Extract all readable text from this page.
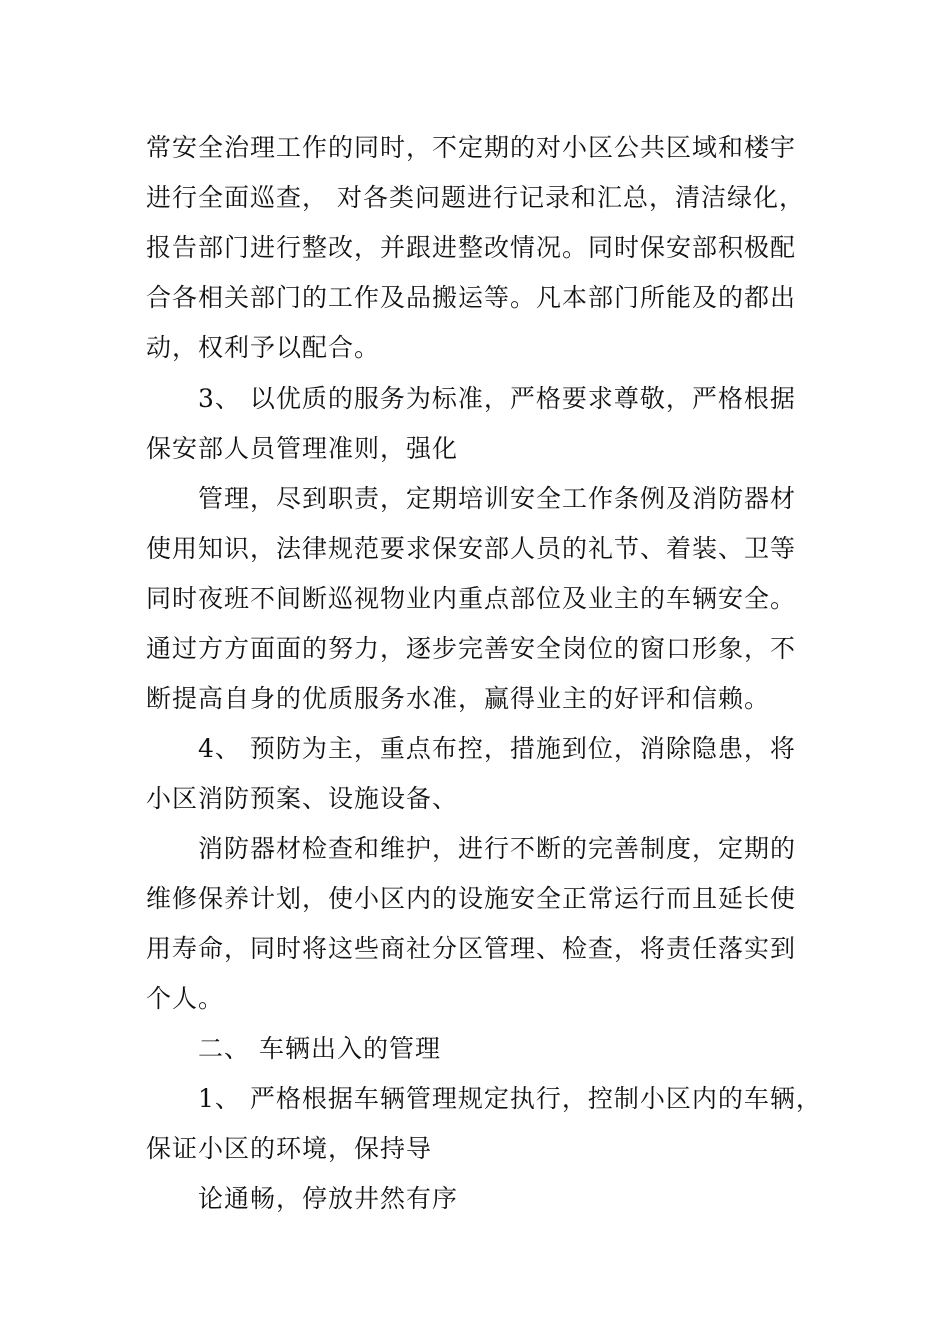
常安全治理工作的同时，不定期的对小区公共区域和楼宇
进行全面巡查， 对各类问题进行记录和汇总，清洁绿化，
报告部门进行整改，并跟进整改情况。同时保安部积极配
合各相关部门的工作及品搬运等。凡本部门所能及的都出
动，权利予以配合。
3、 以优质的服务为标准，严格要求尊敬，严格根据
保安部人员管理准则，强化
管理，尽到职责，定期培训安全工作条例及消防器材
使用知识，法律规范要求保安部人员的礼节、着装、卫等
同时夜班不间断巡视物业内重点部位及业主的车辆安全。
通过方方面面的努力，逐步完善安全岗位的窗口形象，不
断提高自身的优质服务水准，赢得业主的好评和信赖。
4、 预防为主，重点布控，措施到位，消除隐患，将
小区消防预案、设施设备、
消防器材检查和维护，进行不断的完善制度，定期的
维修保养计划，使小区内的设施安全正常运行而且延长使
用寿命，同时将这些商社分区管理、检查，将责任落实到
个人。
二、 车辆出入的管理
1、 严格根据车辆管理规定执行，控制小区内的车辆，
保证小区的环境，保持导
论通畅，停放井然有序
